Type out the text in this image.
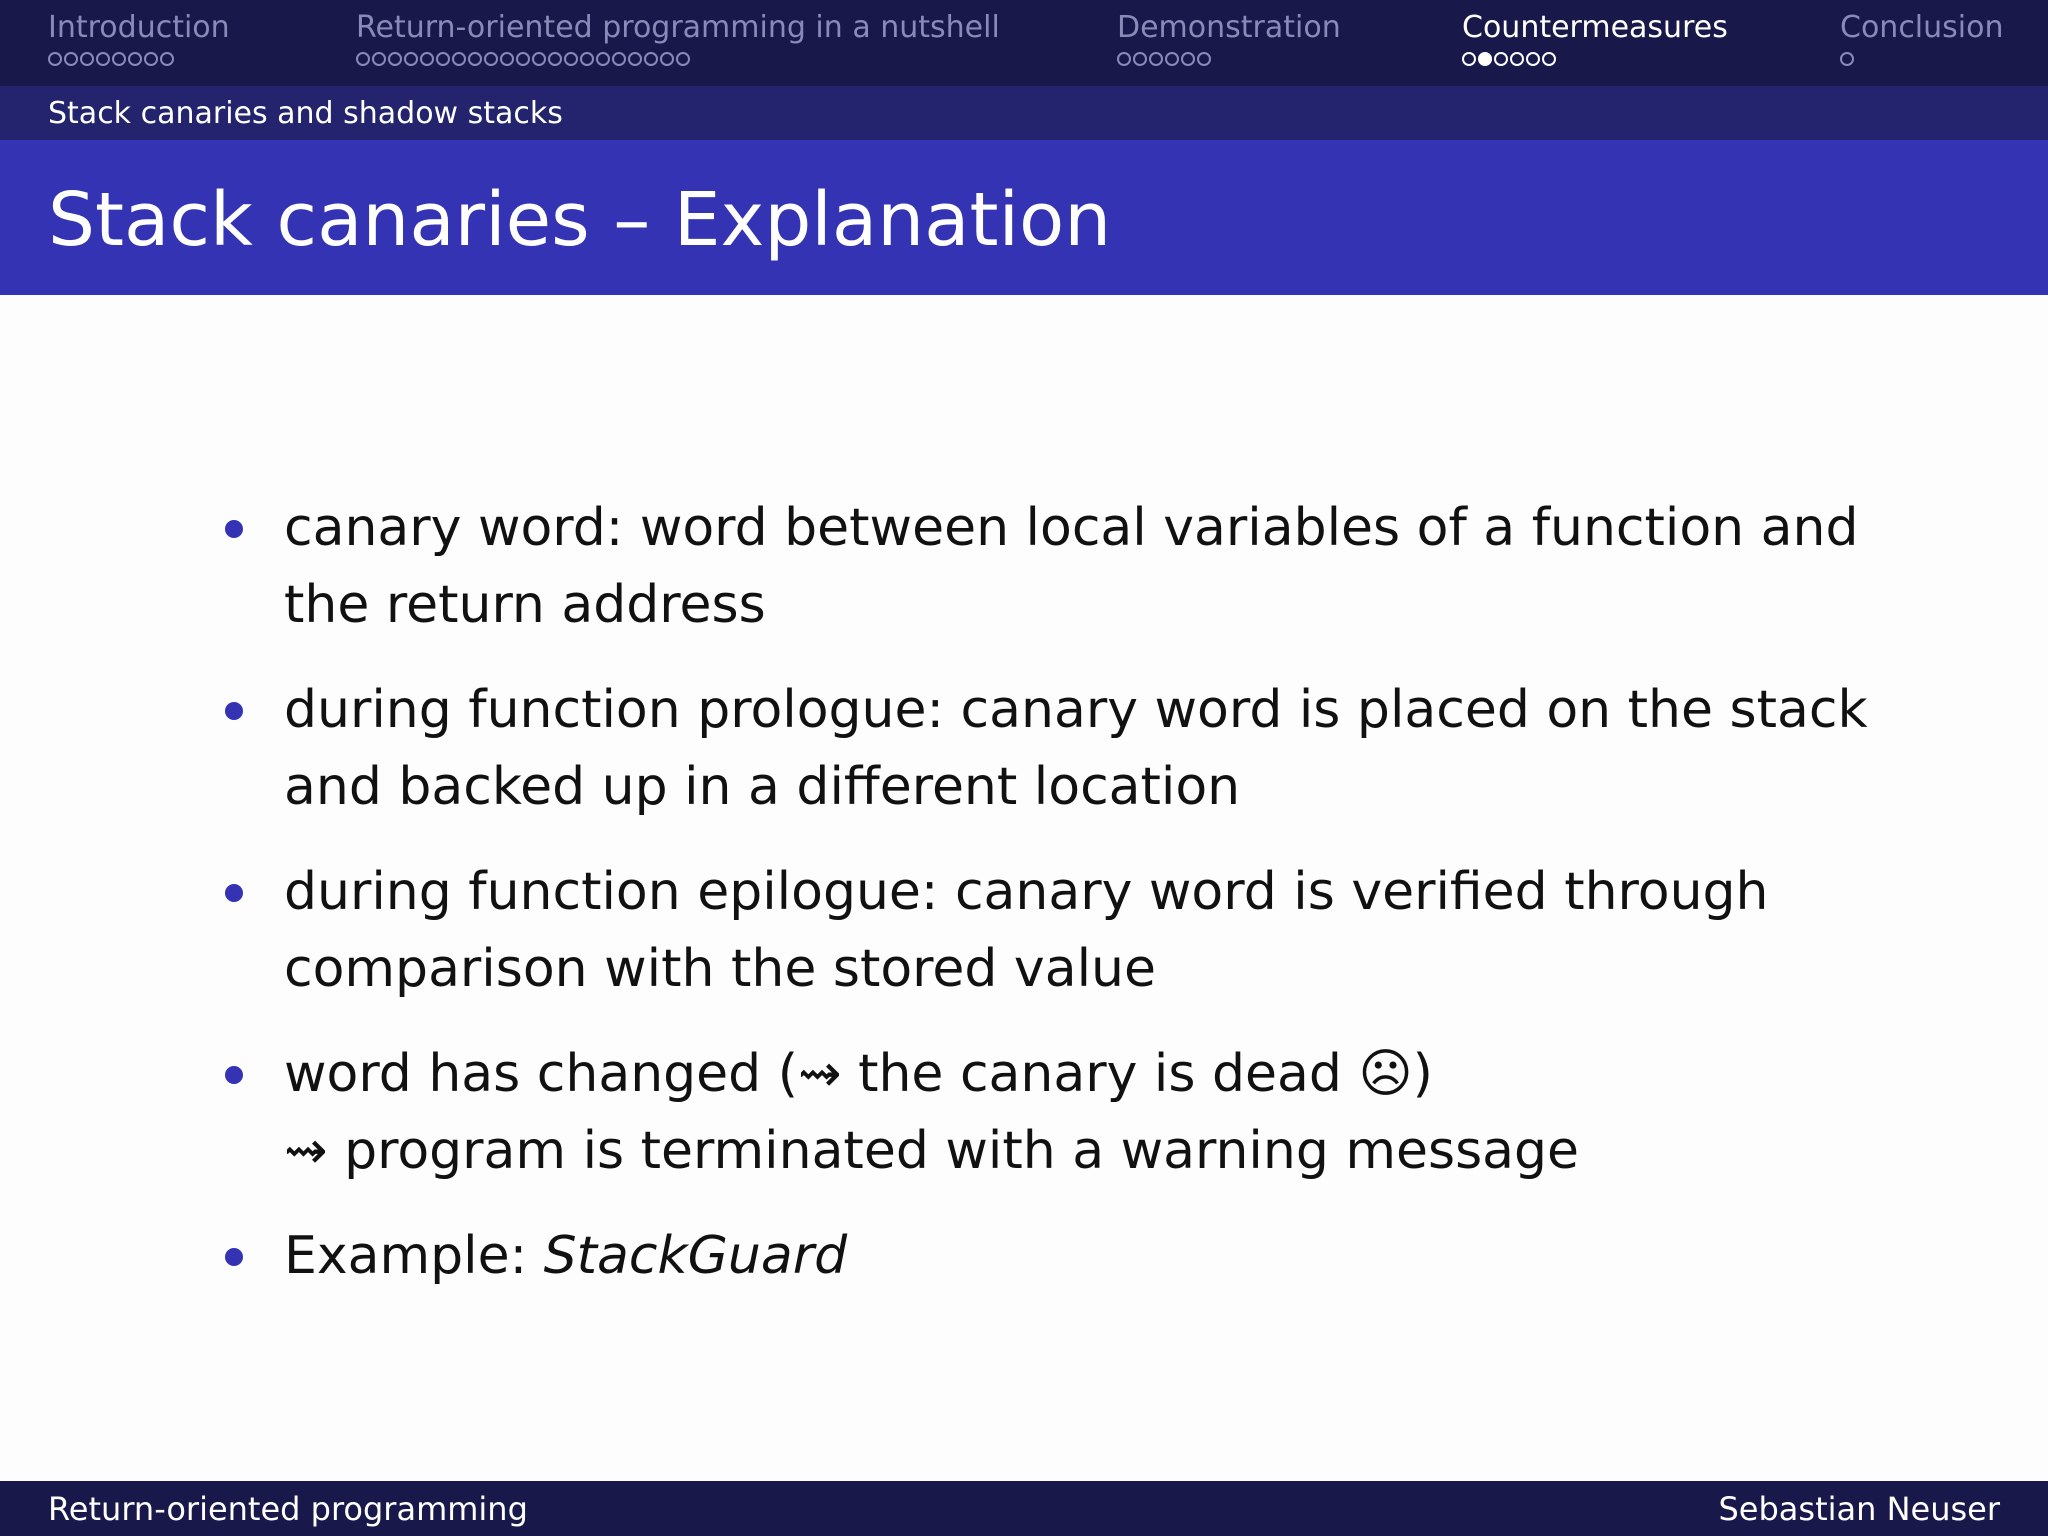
Introduction	Return-oriented programming in a nutshell	Demonstration	Countermeasures	Conclusion
Stack canaries and shadow stacks
Stack canaries – Explanation
canary word: word between local variables of a function and
the return address
during function prologue: canary word is placed on the stack
and backed up in a different location
during function epilogue: canary word is verified through
comparison with the stored value
word has changed (⇝ the canary is dead ☹)
⇝ program is terminated with a warning message
Example: StackGuard
Return-oriented programming	Sebastian Neuser
